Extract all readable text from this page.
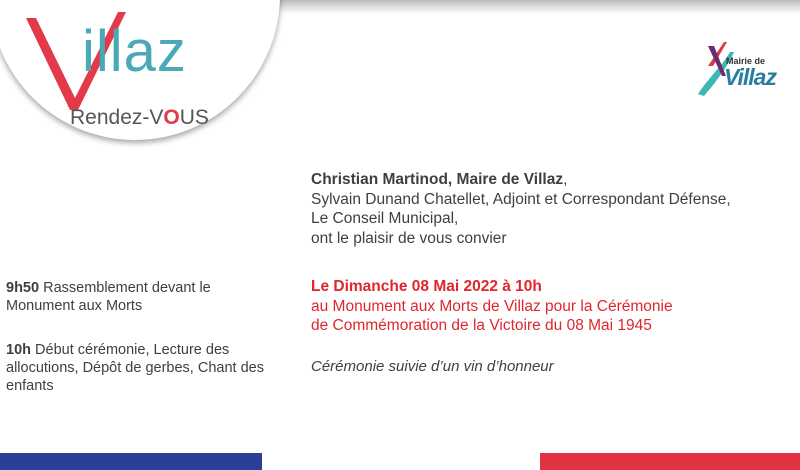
illaz
Rendez-VOUS
Mairie de
Villaz
Christian Martinod, Maire de Villaz,
Sylvain Dunand Chatellet, Adjoint et Correspondant Défense,
Le Conseil Municipal,
ont le plaisir de vous convier
Le Dimanche 08 Mai 2022 à 10h
au Monument aux Morts de Villaz pour la Cérémonie
de Commémoration de la Victoire du 08 Mai 1945
Cérémonie suivie d’un vin d’honneur
9h50 Rassemblement devant le Monument aux Morts
10h Début cérémonie, Lecture des allocutions, Dépôt de gerbes, Chant des enfants
